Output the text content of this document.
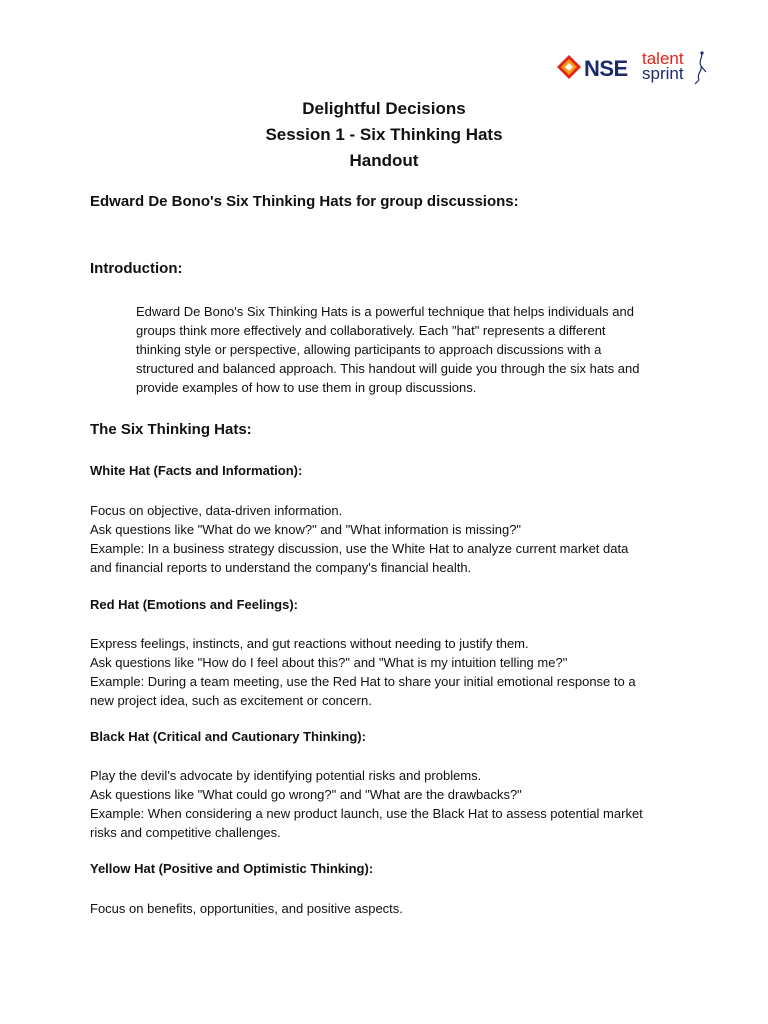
NSE talent
sprint
Delightful Decisions
Session 1 - Six Thinking Hats
Handout
Edward De Bono's Six Thinking Hats for group discussions:
Introduction:
Edward De Bono's Six Thinking Hats is a powerful technique that helps individuals and
groups think more effectively and collaboratively. Each "hat" represents a different
thinking style or perspective, allowing participants to approach discussions with a
structured and balanced approach. This handout will guide you through the six hats and
provide examples of how to use them in group discussions.
The Six Thinking Hats:
White Hat (Facts and Information):
Focus on objective, data-driven information.
Ask questions like "What do we know?" and "What information is missing?"
Example: In a business strategy discussion, use the White Hat to analyze current market data
and financial reports to understand the company's financial health.
Red Hat (Emotions and Feelings):
Express feelings, instincts, and gut reactions without needing to justify them.
Ask questions like "How do I feel about this?" and "What is my intuition telling me?"
Example: During a team meeting, use the Red Hat to share your initial emotional response to a
new project idea, such as excitement or concern.
Black Hat (Critical and Cautionary Thinking):
Play the devil's advocate by identifying potential risks and problems.
Ask questions like "What could go wrong?" and "What are the drawbacks?"
Example: When considering a new product launch, use the Black Hat to assess potential market
risks and competitive challenges.
Yellow Hat (Positive and Optimistic Thinking):
Focus on benefits, opportunities, and positive aspects.
